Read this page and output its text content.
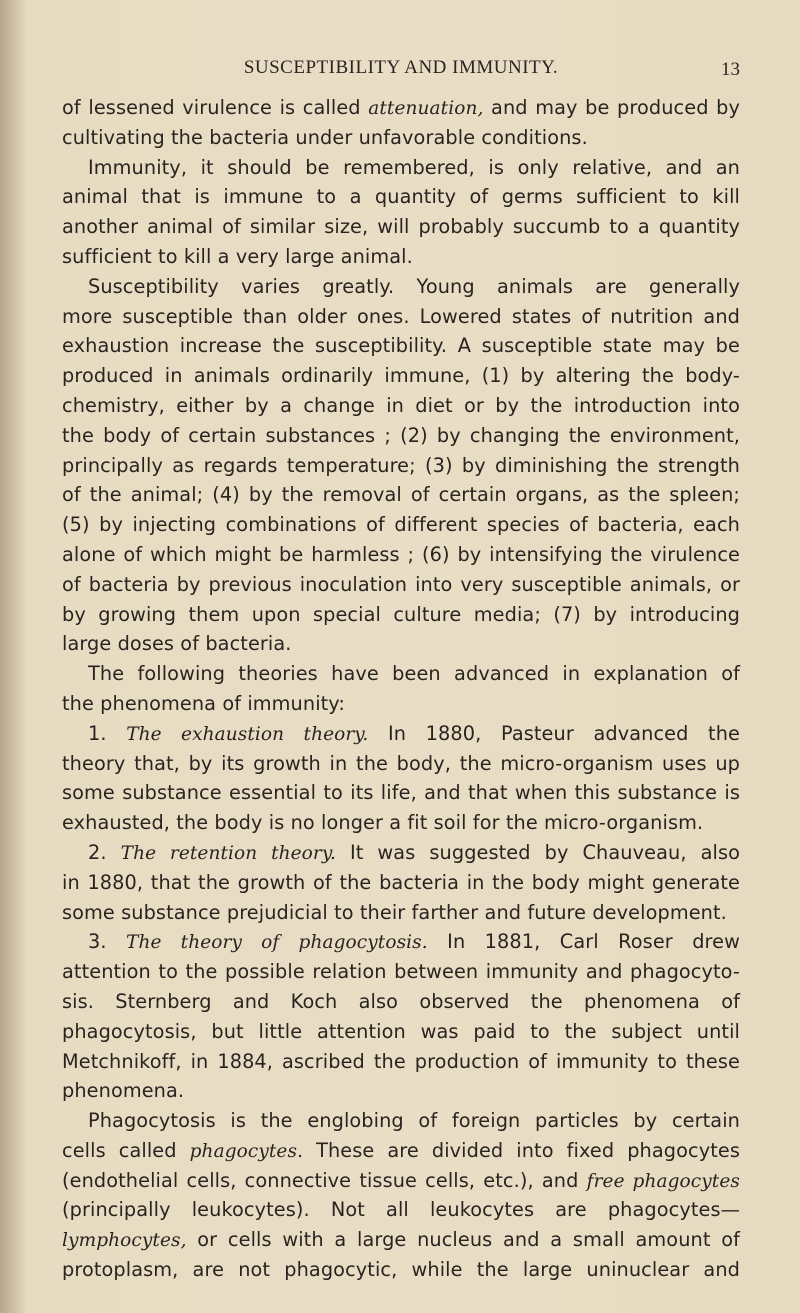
SUSCEPTIBILITY AND IMMUNITY.	13
of lessened virulence is called attenuation, and may be produced by
cultivating the bacteria under unfavorable conditions.
Immunity, it should be remembered, is only relative, and an
animal that is immune to a quantity of germs sufficient to kill
another animal of similar size, will probably succumb to a quantity
sufficient to kill a very large animal.
Susceptibility varies greatly. Young animals are generally
more susceptible than older ones. Lowered states of nutrition and
exhaustion increase the susceptibility. A susceptible state may be
produced in animals ordinarily immune, (1) by altering the body-
chemistry, either by a change in diet or by the introduction into
the body of certain substances ; (2) by changing the environment,
principally as regards temperature; (3) by diminishing the strength
of the animal; (4) by the removal of certain organs, as the spleen;
(5) by injecting combinations of different species of bacteria, each
alone of which might be harmless ; (6) by intensifying the virulence
of bacteria by previous inoculation into very susceptible animals, or
by growing them upon special culture media; (7) by introducing
large doses of bacteria.
The following theories have been advanced in explanation of
the phenomena of immunity:
1. The exhaustion theory. In 1880, Pasteur advanced the
theory that, by its growth in the body, the micro-organism uses up
some substance essential to its life, and that when this substance is
exhausted, the body is no longer a fit soil for the micro-organism.
2. The retention theory. It was suggested by Chauveau, also
in 1880, that the growth of the bacteria in the body might generate
some substance prejudicial to their farther and future development.
3. The theory of phagocytosis. In 1881, Carl Roser drew
attention to the possible relation between immunity and phagocyto-
sis. Sternberg and Koch also observed the phenomena of
phagocytosis, but little attention was paid to the subject until
Metchnikoff, in 1884, ascribed the production of immunity to these
phenomena.
Phagocytosis is the englobing of foreign particles by certain
cells called phagocytes. These are divided into fixed phagocytes
(endothelial cells, connective tissue cells, etc.), and free phagocytes
(principally leukocytes). Not all leukocytes are phagocytes—
lymphocytes, or cells with a large nucleus and a small amount of
protoplasm, are not phagocytic, while the large uninuclear and
